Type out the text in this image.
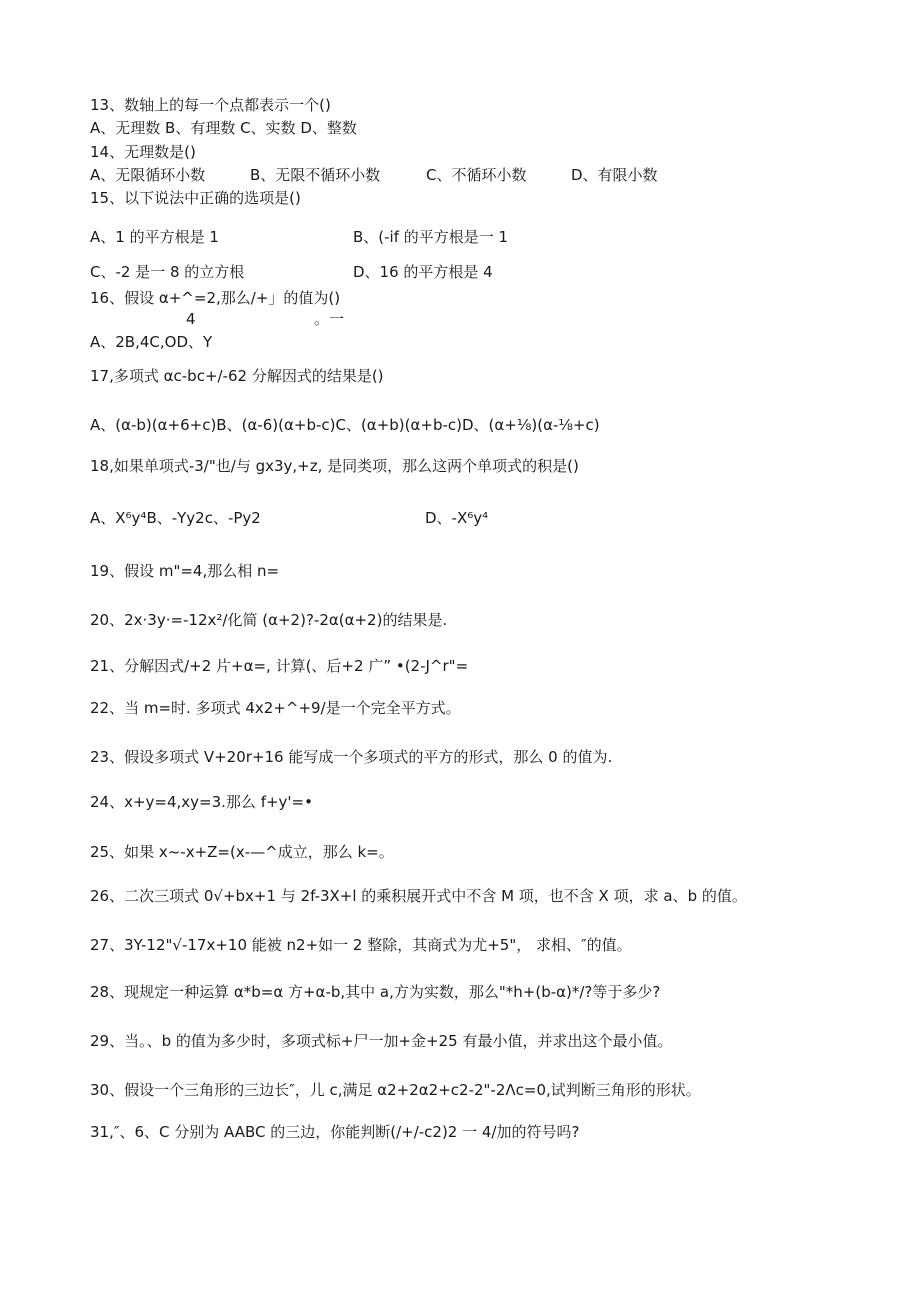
13、数轴上的每一个点都表示一个()
A、无理数 B、有理数 C、实数 D、整数
14、无理数是()
A、无限循环小数	B、无限不循环小数	C、不循环小数	D、有限小数
15、以下说法中正确的选项是()
A、1 的平方根是 1	B、(-if 的平方根是一 1
C、-2 是一 8 的立方根	D、16 的平方根是 4
16、假设 α+^=2,那么/+」的值为()
4	。一
A、2B,4C,OD、Y
17,多项式 αc-bc+/-62 分解因式的结果是()
A、(α-b)(α+6+c)B、(α-6)(α+b-c)C、(α+b)(α+b-c)D、(α+⅛)(α-⅛+c)
18,如果单项式-3/"也/与 gx3y,+z, 是同类项，那么这两个单项式的积是()
A、X⁶y⁴B、-Yy2c、-Py2	D、-X⁶y⁴
19、假设 m"=4,那么相 n=
20、2x·3y·=-12x²/化简 (α+2)?-2α(α+2)的结果是.
21、分解因式/+2 片+α=, 计算(、后+2 广” •(2-J^r"=
22、当 m=时. 多项式 4x2+^+9/是一个完全平方式。
23、假设多项式 V+20r+16 能写成一个多项式的平方的形式，那么 0 的值为.
24、x+y=4,xy=3.那么 f+y'=•
25、如果 x~-x+Z=(x-—^成立，那么 k=。
26、二次三项式 0√+bx+1 与 2f-3X+l 的乘积展开式中不含 M 项，也不含 X 项，求 a、b 的值。
27、3Y-12"√-17x+10 能被 n2+如一 2 整除，其商式为尤+5"， 求相、″的值。
28、现规定一种运算 α*b=α 方+α-b,其中 a,方为实数，那么"*h+(b-α)*/?等于多少?
29、当。、b 的值为多少时，多项式标+尸一加+金+25 有最小值，并求出这个最小值。
30、假设一个三角形的三边长″，儿 c,满足 α2+2α2+c2-2"-2Λc=0,试判断三角形的形状。
31,″、6、C 分别为 AABC 的三边，你能判断(/+/-c2)2 一 4/加的符号吗?
